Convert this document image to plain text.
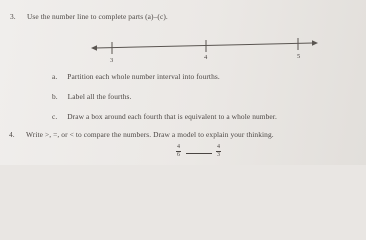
3. Use the number line to complete parts (a)–(c).
3	4	5
a. Partition each whole number interval into fourths.
b. Label all the fourths.
c. Draw a box around each fourth that is equivalent to a whole number.
4. Write >, =, or < to compare the numbers. Draw a model to explain your thinking.
4
6
4
3
